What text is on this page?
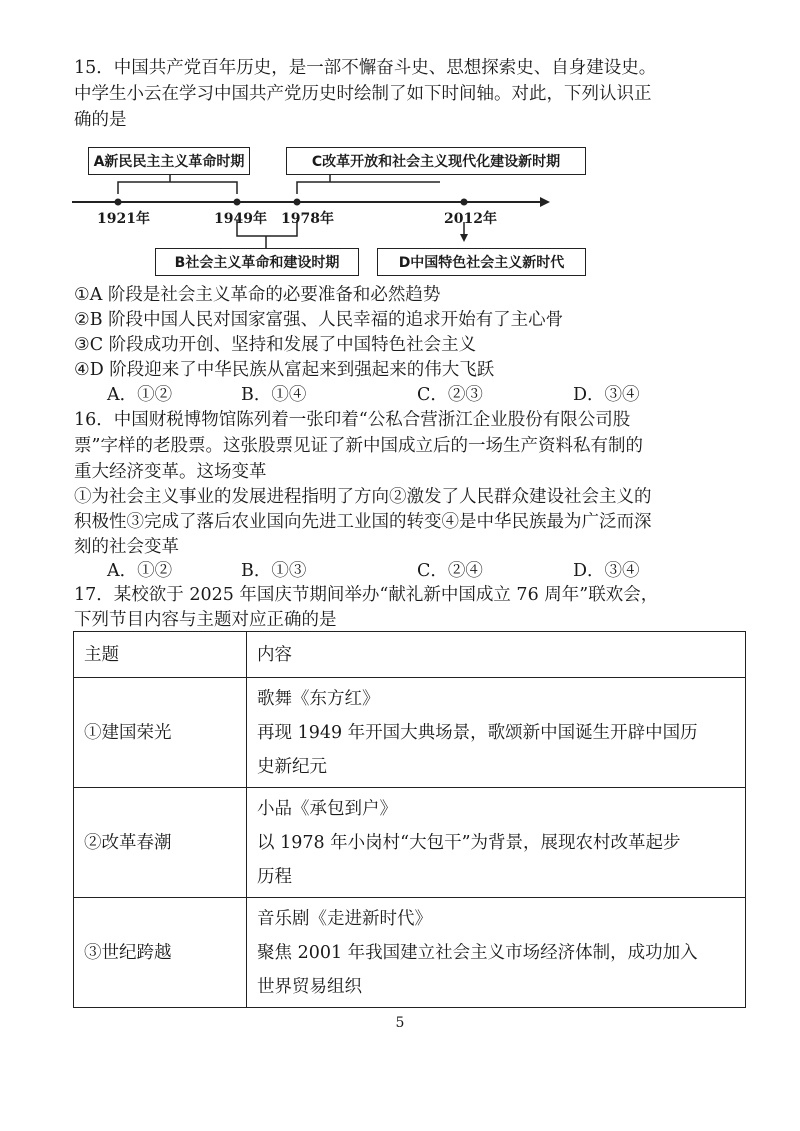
15．中国共产党百年历史，是一部不懈奋斗史、思想探索史、自身建设史。
中学生小云在学习中国共产党历史时绘制了如下时间轴。对此，下列认识正
确的是
A新民民主主义革命时期	C改革开放和社会主义现代化建设新时期
B社会主义革命和建设时期	D中国特色社会主义新时代
1921年	1949年 1978年	2012年
①A 阶段是社会主义革命的必要准备和必然趋势
②B 阶段中国人民对国家富强、人民幸福的追求开始有了主心骨
③C 阶段成功开创、坚持和发展了中国特色社会主义
④D 阶段迎来了中华民族从富起来到强起来的伟大飞跃
A．①②	B．①④	C．②③	D．③④
16．中国财税博物馆陈列着一张印着“公私合营浙江企业股份有限公司股
票”字样的老股票。这张股票见证了新中国成立后的一场生产资料私有制的
重大经济变革。这场变革
①为社会主义事业的发展进程指明了方向②激发了人民群众建设社会主义的
积极性③完成了落后农业国向先进工业国的转变④是中华民族最为广泛而深
刻的社会变革
A．①②	B．①③	C．②④	D．③④
17．某校欲于 2025 年国庆节期间举办“献礼新中国成立 76 周年”联欢会，
下列节目内容与主题对应正确的是
主题	内容
①建国荣光	歌舞《东方红》
再现 1949 年开国大典场景，歌颂新中国诞生开辟中国历
史新纪元

②改革春潮	小品《承包到户》
以 1978 年小岗村“大包干”为背景，展现农村改革起步
历程

③世纪跨越	音乐剧《走进新时代》
聚焦 2001 年我国建立社会主义市场经济体制，成功加入
世界贸易组织
5
